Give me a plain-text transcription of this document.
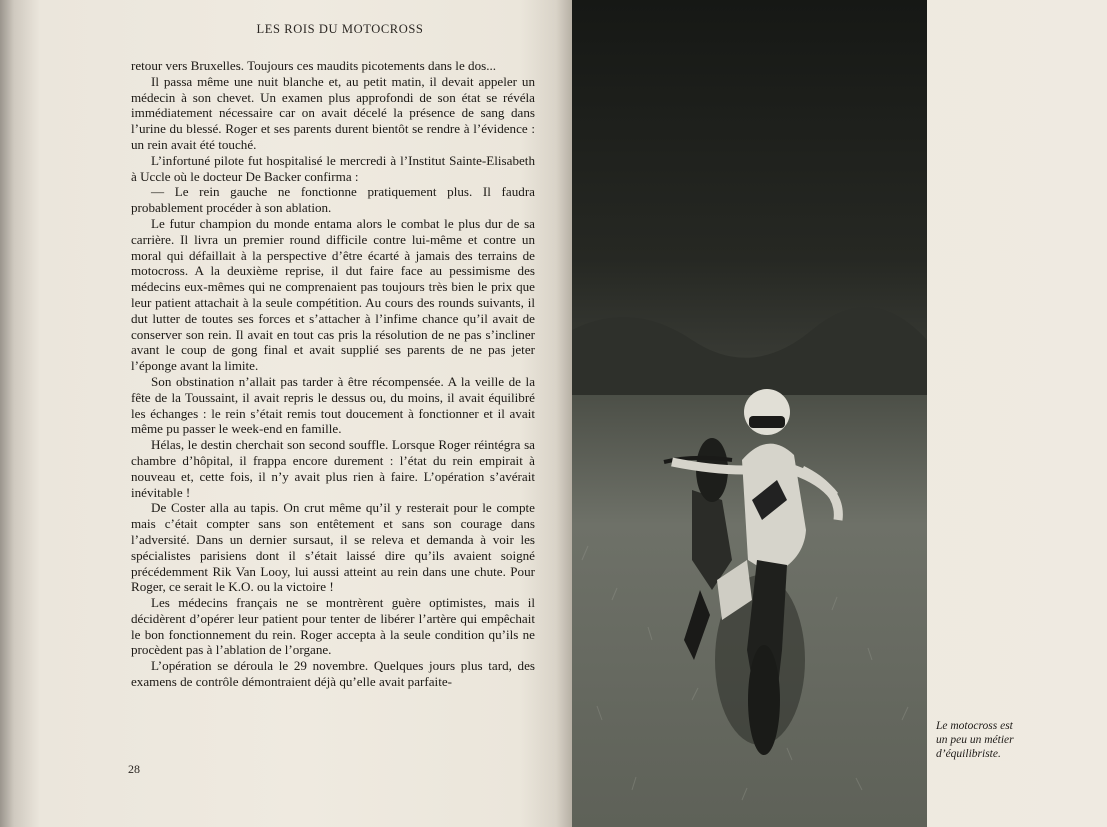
LES ROIS DU MOTOCROSS

retour vers Bruxelles. Toujours ces maudits picotements dans le dos...

Il passa même une nuit blanche et, au petit matin, il devait appeler un médecin à son chevet. Un examen plus approfondi de son état se révéla immédiatement nécessaire car on avait décelé la présence de sang dans l’urine du blessé. Roger et ses parents durent bientôt se rendre à l’évidence : un rein avait été touché.

L’infortuné pilote fut hospitalisé le mercredi à l’Institut Sainte-Elisabeth à Uccle où le docteur De Backer confirma :

— Le rein gauche ne fonctionne pratiquement plus. Il faudra probablement procéder à son ablation.

Le futur champion du monde entama alors le combat le plus dur de sa carrière. Il livra un premier round difficile contre lui-même et contre un moral qui défaillait à la perspective d’être écarté à jamais des terrains de motocross. A la deuxième reprise, il dut faire face au pessimisme des médecins eux-mêmes qui ne comprenaient pas toujours très bien le prix que leur patient attachait à la seule compétition. Au cours des rounds suivants, il dut lutter de toutes ses forces et s’attacher à l’infime chance qu’il avait de conserver son rein. Il avait en tout cas pris la résolution de ne pas s’incliner avant le coup de gong final et avait supplié ses parents de ne pas jeter l’éponge avant la limite.

Son obstination n’allait pas tarder à être récompensée. A la veille de la fête de la Toussaint, il avait repris le dessus ou, du moins, il avait équilibré les échanges : le rein s’était remis tout doucement à fonctionner et il avait même pu passer le week-end en famille.

Hélas, le destin cherchait son second souffle. Lorsque Roger réintégra sa chambre d’hôpital, il frappa encore durement : l’état du rein empirait à nouveau et, cette fois, il n’y avait plus rien à faire. L’opération s’avérait inévitable !

De Coster alla au tapis. On crut même qu’il y resterait pour le compte mais c’était compter sans son entêtement et sans son courage dans l’adversité. Dans un dernier sursaut, il se releva et demanda à voir les spécialistes parisiens dont il s’était laissé dire qu’ils avaient soigné précédemment Rik Van Looy, lui aussi atteint au rein dans une chute. Pour Roger, ce serait le K.O. ou la victoire !

Les médecins français ne se montrèrent guère optimistes, mais il décidèrent d’opérer leur patient pour tenter de libérer l’artère qui empêchait le bon fonctionnement du rein. Roger accepta à la seule condition qu’ils ne procèdent pas à l’ablation de l’organe.

L’opération se déroula le 29 novembre. Quelques jours plus tard, des examens de contrôle démontraient déjà qu’elle avait parfaite-

28
Le motocross est
un peu un métier
d’équilibriste.
